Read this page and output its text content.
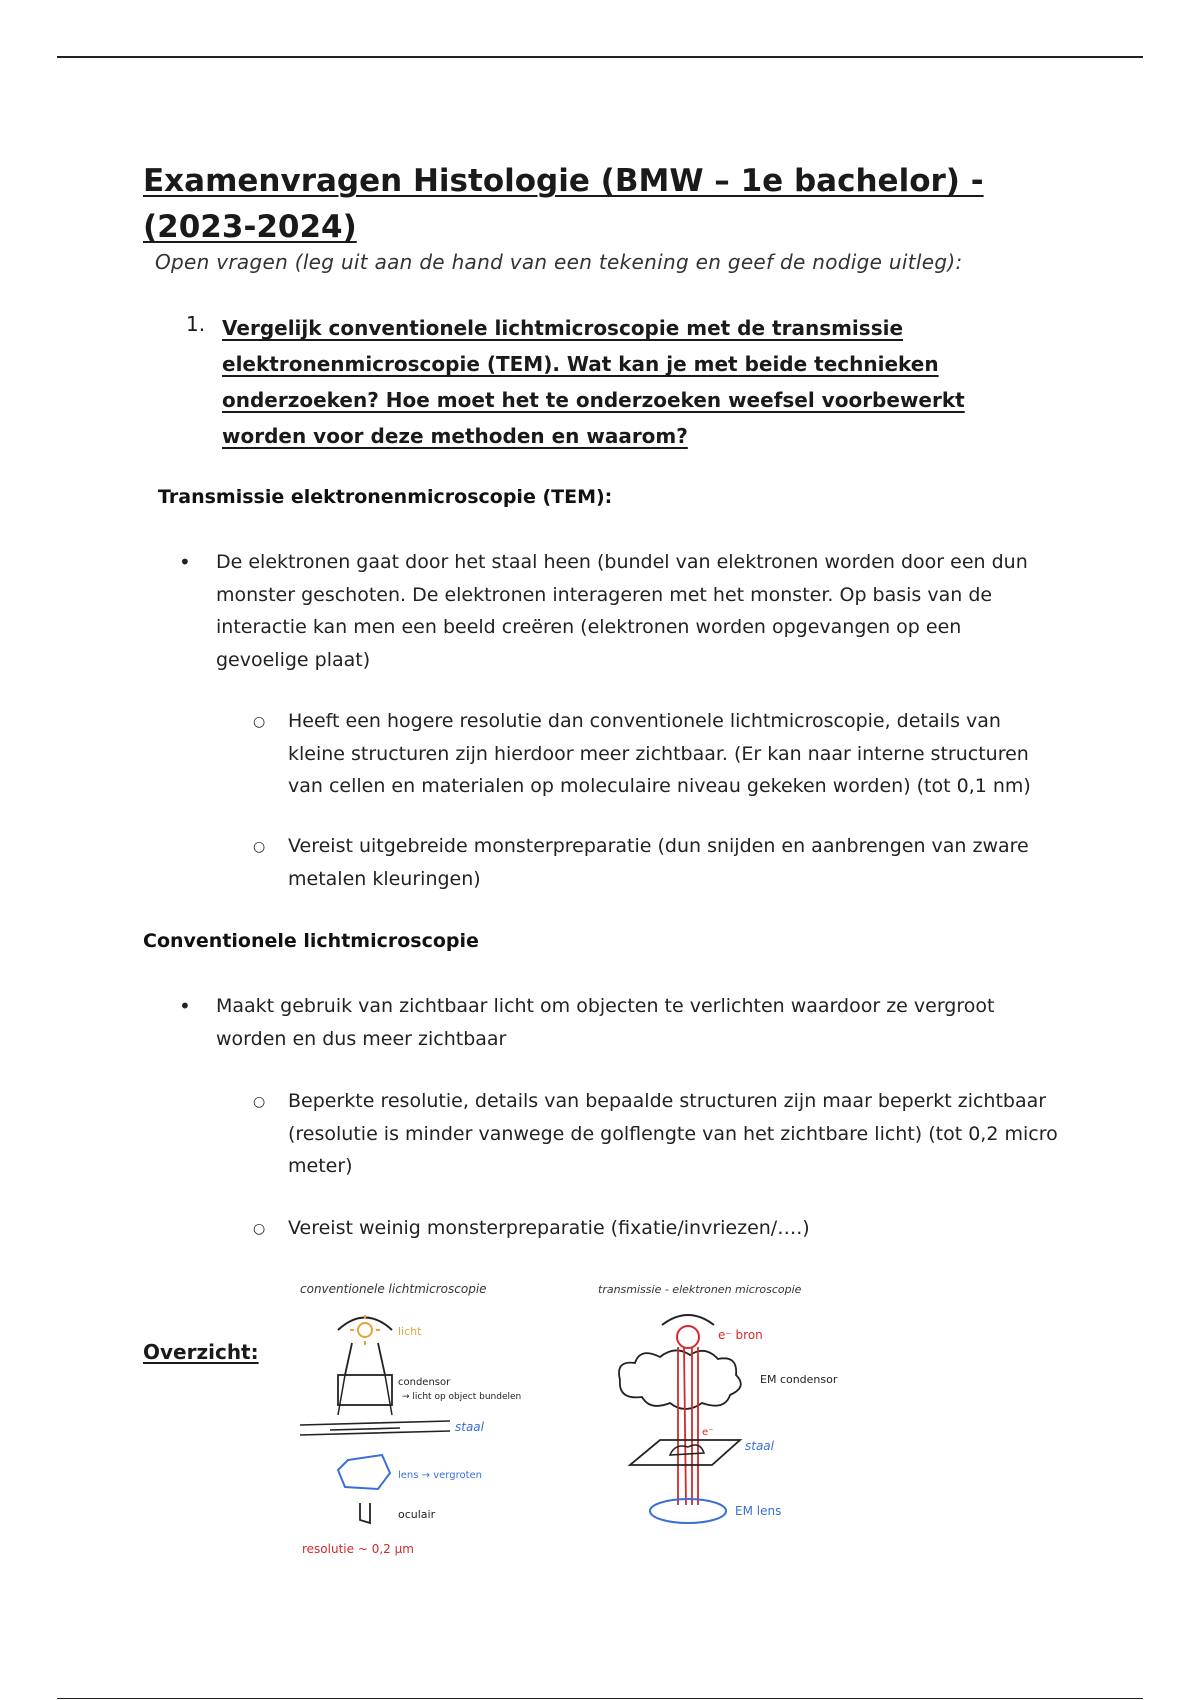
Examenvragen Histologie (BMW – 1e bachelor) - (2023-2024)
Open vragen (leg uit aan de hand van een tekening en geef de nodige uitleg):
1. Vergelijk conventionele lichtmicroscopie met de transmissie elektronenmicroscopie (TEM). Wat kan je met beide technieken onderzoeken? Hoe moet het te onderzoeken weefsel voorbewerkt worden voor deze methoden en waarom?
Transmissie elektronenmicroscopie (TEM):
• De elektronen gaat door het staal heen (bundel van elektronen worden door een dun monster geschoten. De elektronen interageren met het monster. Op basis van de interactie kan men een beeld creëren (elektronen worden opgevangen op een gevoelige plaat)
○ Heeft een hogere resolutie dan conventionele lichtmicroscopie, details van kleine structuren zijn hierdoor meer zichtbaar. (Er kan naar interne structuren van cellen en materialen op moleculaire niveau gekeken worden) (tot 0,1 nm)
○ Vereist uitgebreide monsterpreparatie (dun snijden en aanbrengen van zware metalen kleuringen)
Conventionele lichtmicroscopie
• Maakt gebruik van zichtbaar licht om objecten te verlichten waardoor ze vergroot worden en dus meer zichtbaar
○ Beperkte resolutie, details van bepaalde structuren zijn maar beperkt zichtbaar (resolutie is minder vanwege de golflengte van het zichtbare licht) (tot 0,2 micro meter)
○ Vereist weinig monsterpreparatie (fixatie/invriezen/….)
Overzicht:
conventionele lichtmicroscopie
licht
condensor
→ licht op object bundelen
staal
lens → vergroten
oculair
resolutie ~ 0,2 µm
transmissie - elektronen microscopie
e⁻ bron
EM condensor
e⁻
staal
EM lens
